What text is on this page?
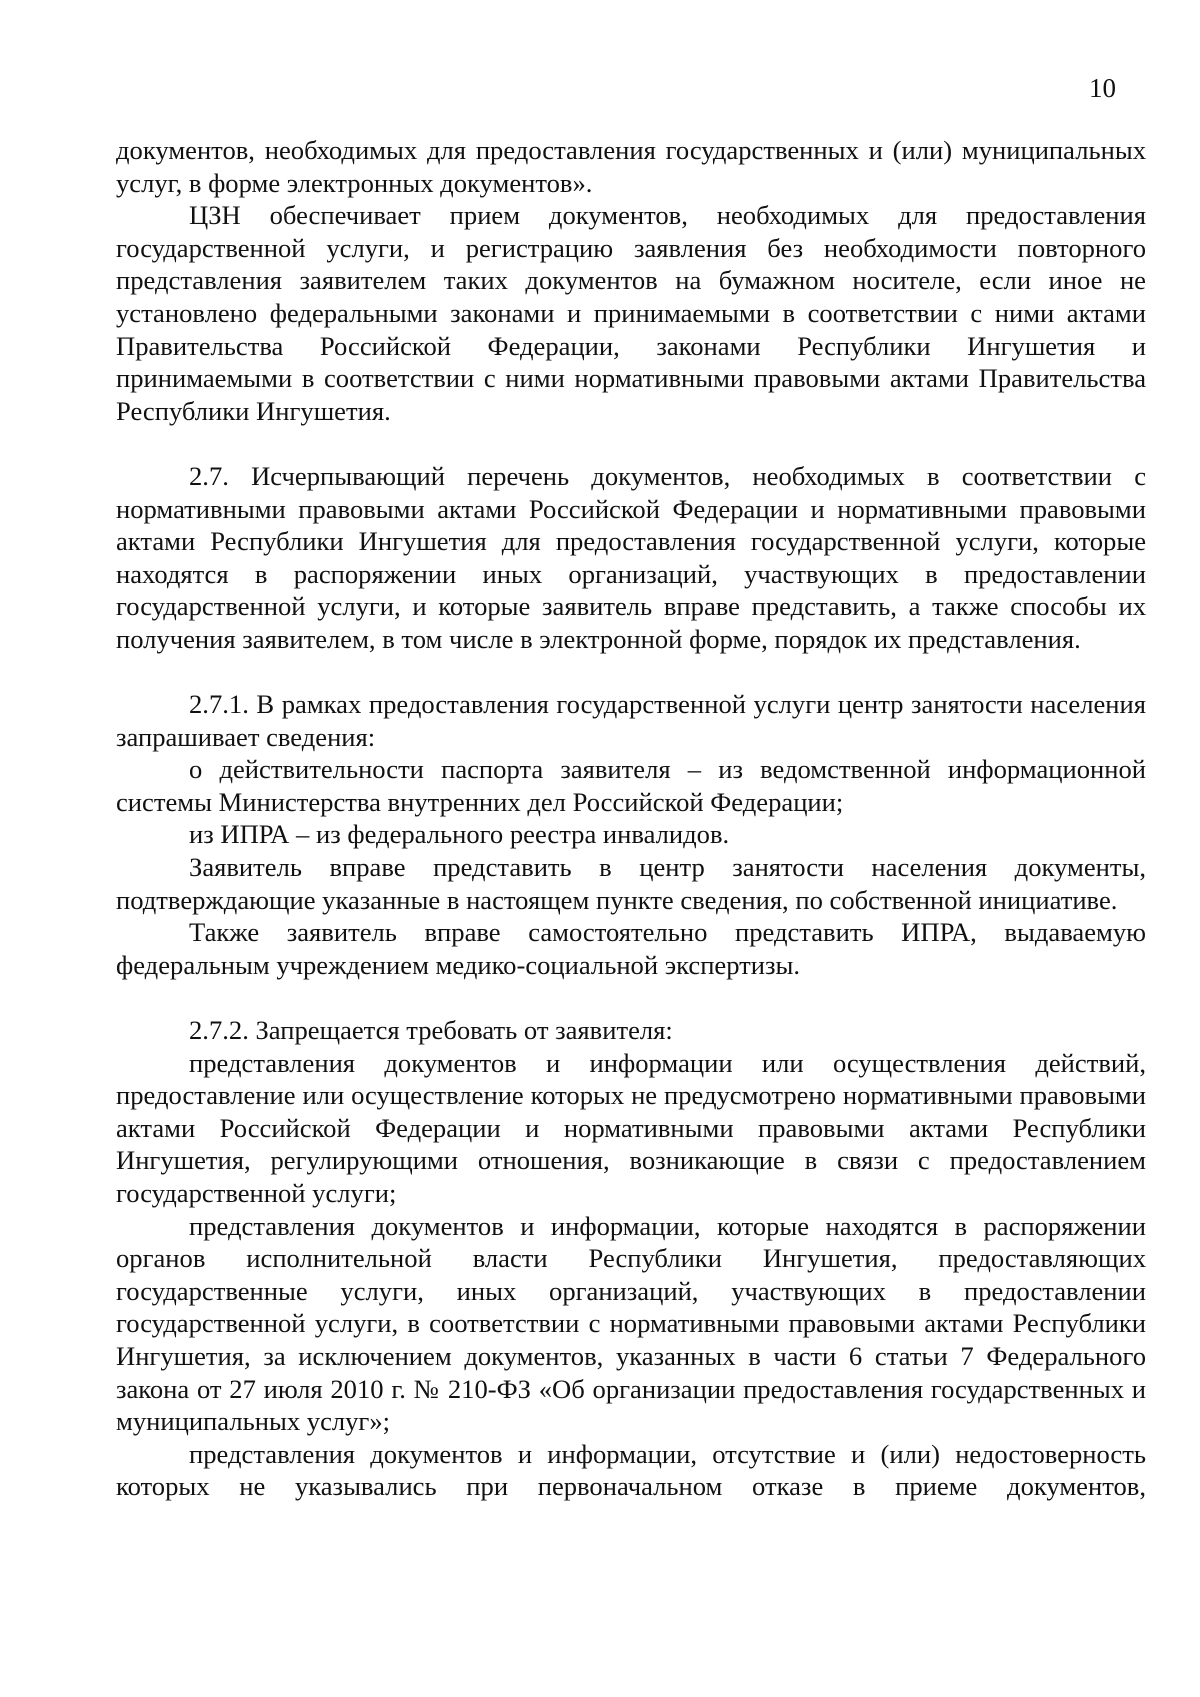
10

документов, необходимых для предоставления государственных и (или) муниципальных услуг, в форме электронных документов».

ЦЗН обеспечивает прием документов, необходимых для предоставления государственной услуги, и регистрацию заявления без необходимости повторного представления заявителем таких документов на бумажном носителе, если иное не установлено федеральными законами и принимаемыми в соответствии с ними актами Правительства Российской Федерации, законами Республики Ингушетия и принимаемыми в соответствии с ними нормативными правовыми актами Правительства Республики Ингушетия.

2.7. Исчерпывающий перечень документов, необходимых в соответствии с нормативными правовыми актами Российской Федерации и нормативными правовыми актами Республики Ингушетия для предоставления государственной услуги, которые находятся в распоряжении иных организаций, участвующих в предоставлении государственной услуги, и которые заявитель вправе представить, а также способы их получения заявителем, в том числе в электронной форме, порядок их представления.

2.7.1. В рамках предоставления государственной услуги центр занятости населения запрашивает сведения:

о действительности паспорта заявителя – из ведомственной информационной системы Министерства внутренних дел Российской Федерации;

из ИПРА – из федерального реестра инвалидов.

Заявитель вправе представить в центр занятости населения документы, подтверждающие указанные в настоящем пункте сведения, по собственной инициативе.

Также заявитель вправе самостоятельно представить ИПРА, выдаваемую федеральным учреждением медико-социальной экспертизы.

2.7.2. Запрещается требовать от заявителя:

представления документов и информации или осуществления действий, предоставление или осуществление которых не предусмотрено нормативными правовыми актами Российской Федерации и нормативными правовыми актами Республики Ингушетия, регулирующими отношения, возникающие в связи с предоставлением государственной услуги;

представления документов и информации, которые находятся в распоряжении органов исполнительной власти Республики Ингушетия, предоставляющих государственные услуги, иных организаций, участвующих в предоставлении государственной услуги, в соответствии с нормативными правовыми актами Республики Ингушетия, за исключением документов, указанных в части 6 статьи 7 Федерального закона от 27 июля 2010 г. № 210-ФЗ «Об организации предоставления государственных и муниципальных услуг»;

представления документов и информации, отсутствие и (или) недостоверность которых не указывались при первоначальном отказе в приеме документов,
